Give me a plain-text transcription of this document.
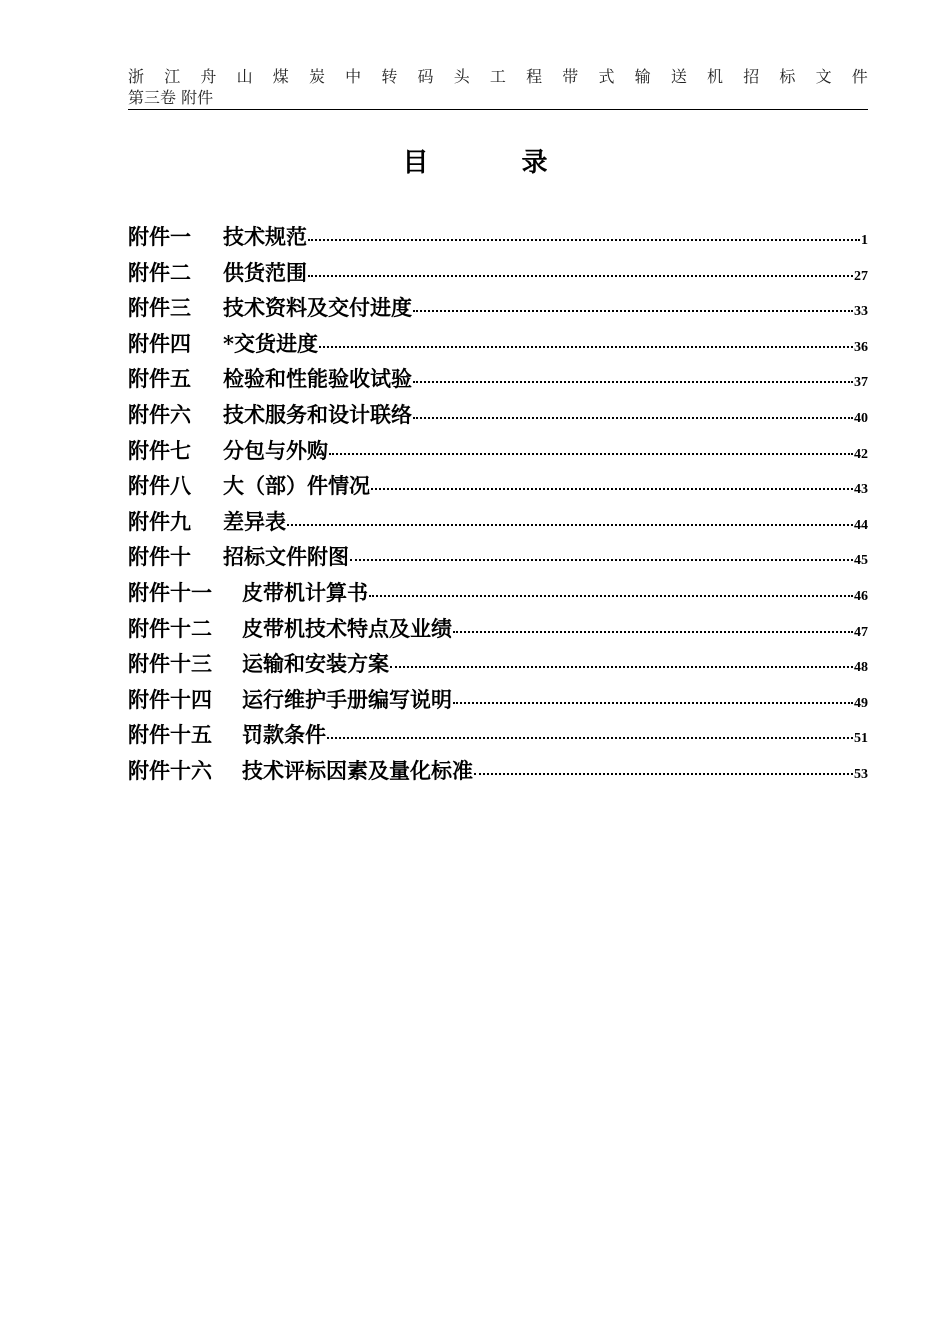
浙 江 舟 山 煤 炭 中 转 码 头 工 程 带 式 输 送 机 招 标 文 件
第三卷 附件
目 录
附件一	技术规范	1
附件二	供货范围	27
附件三	技术资料及交付进度	33
附件四	*交货进度	36
附件五	检验和性能验收试验	37
附件六	技术服务和设计联络	40
附件七	分包与外购	42
附件八	大（部）件情况	43
附件九	差异表	44
附件十	招标文件附图	45
附件十一	皮带机计算书	46
附件十二	皮带机技术特点及业绩	47
附件十三	运输和安装方案	48
附件十四	运行维护手册编写说明	49
附件十五	罚款条件	51
附件十六	技术评标因素及量化标准	53
